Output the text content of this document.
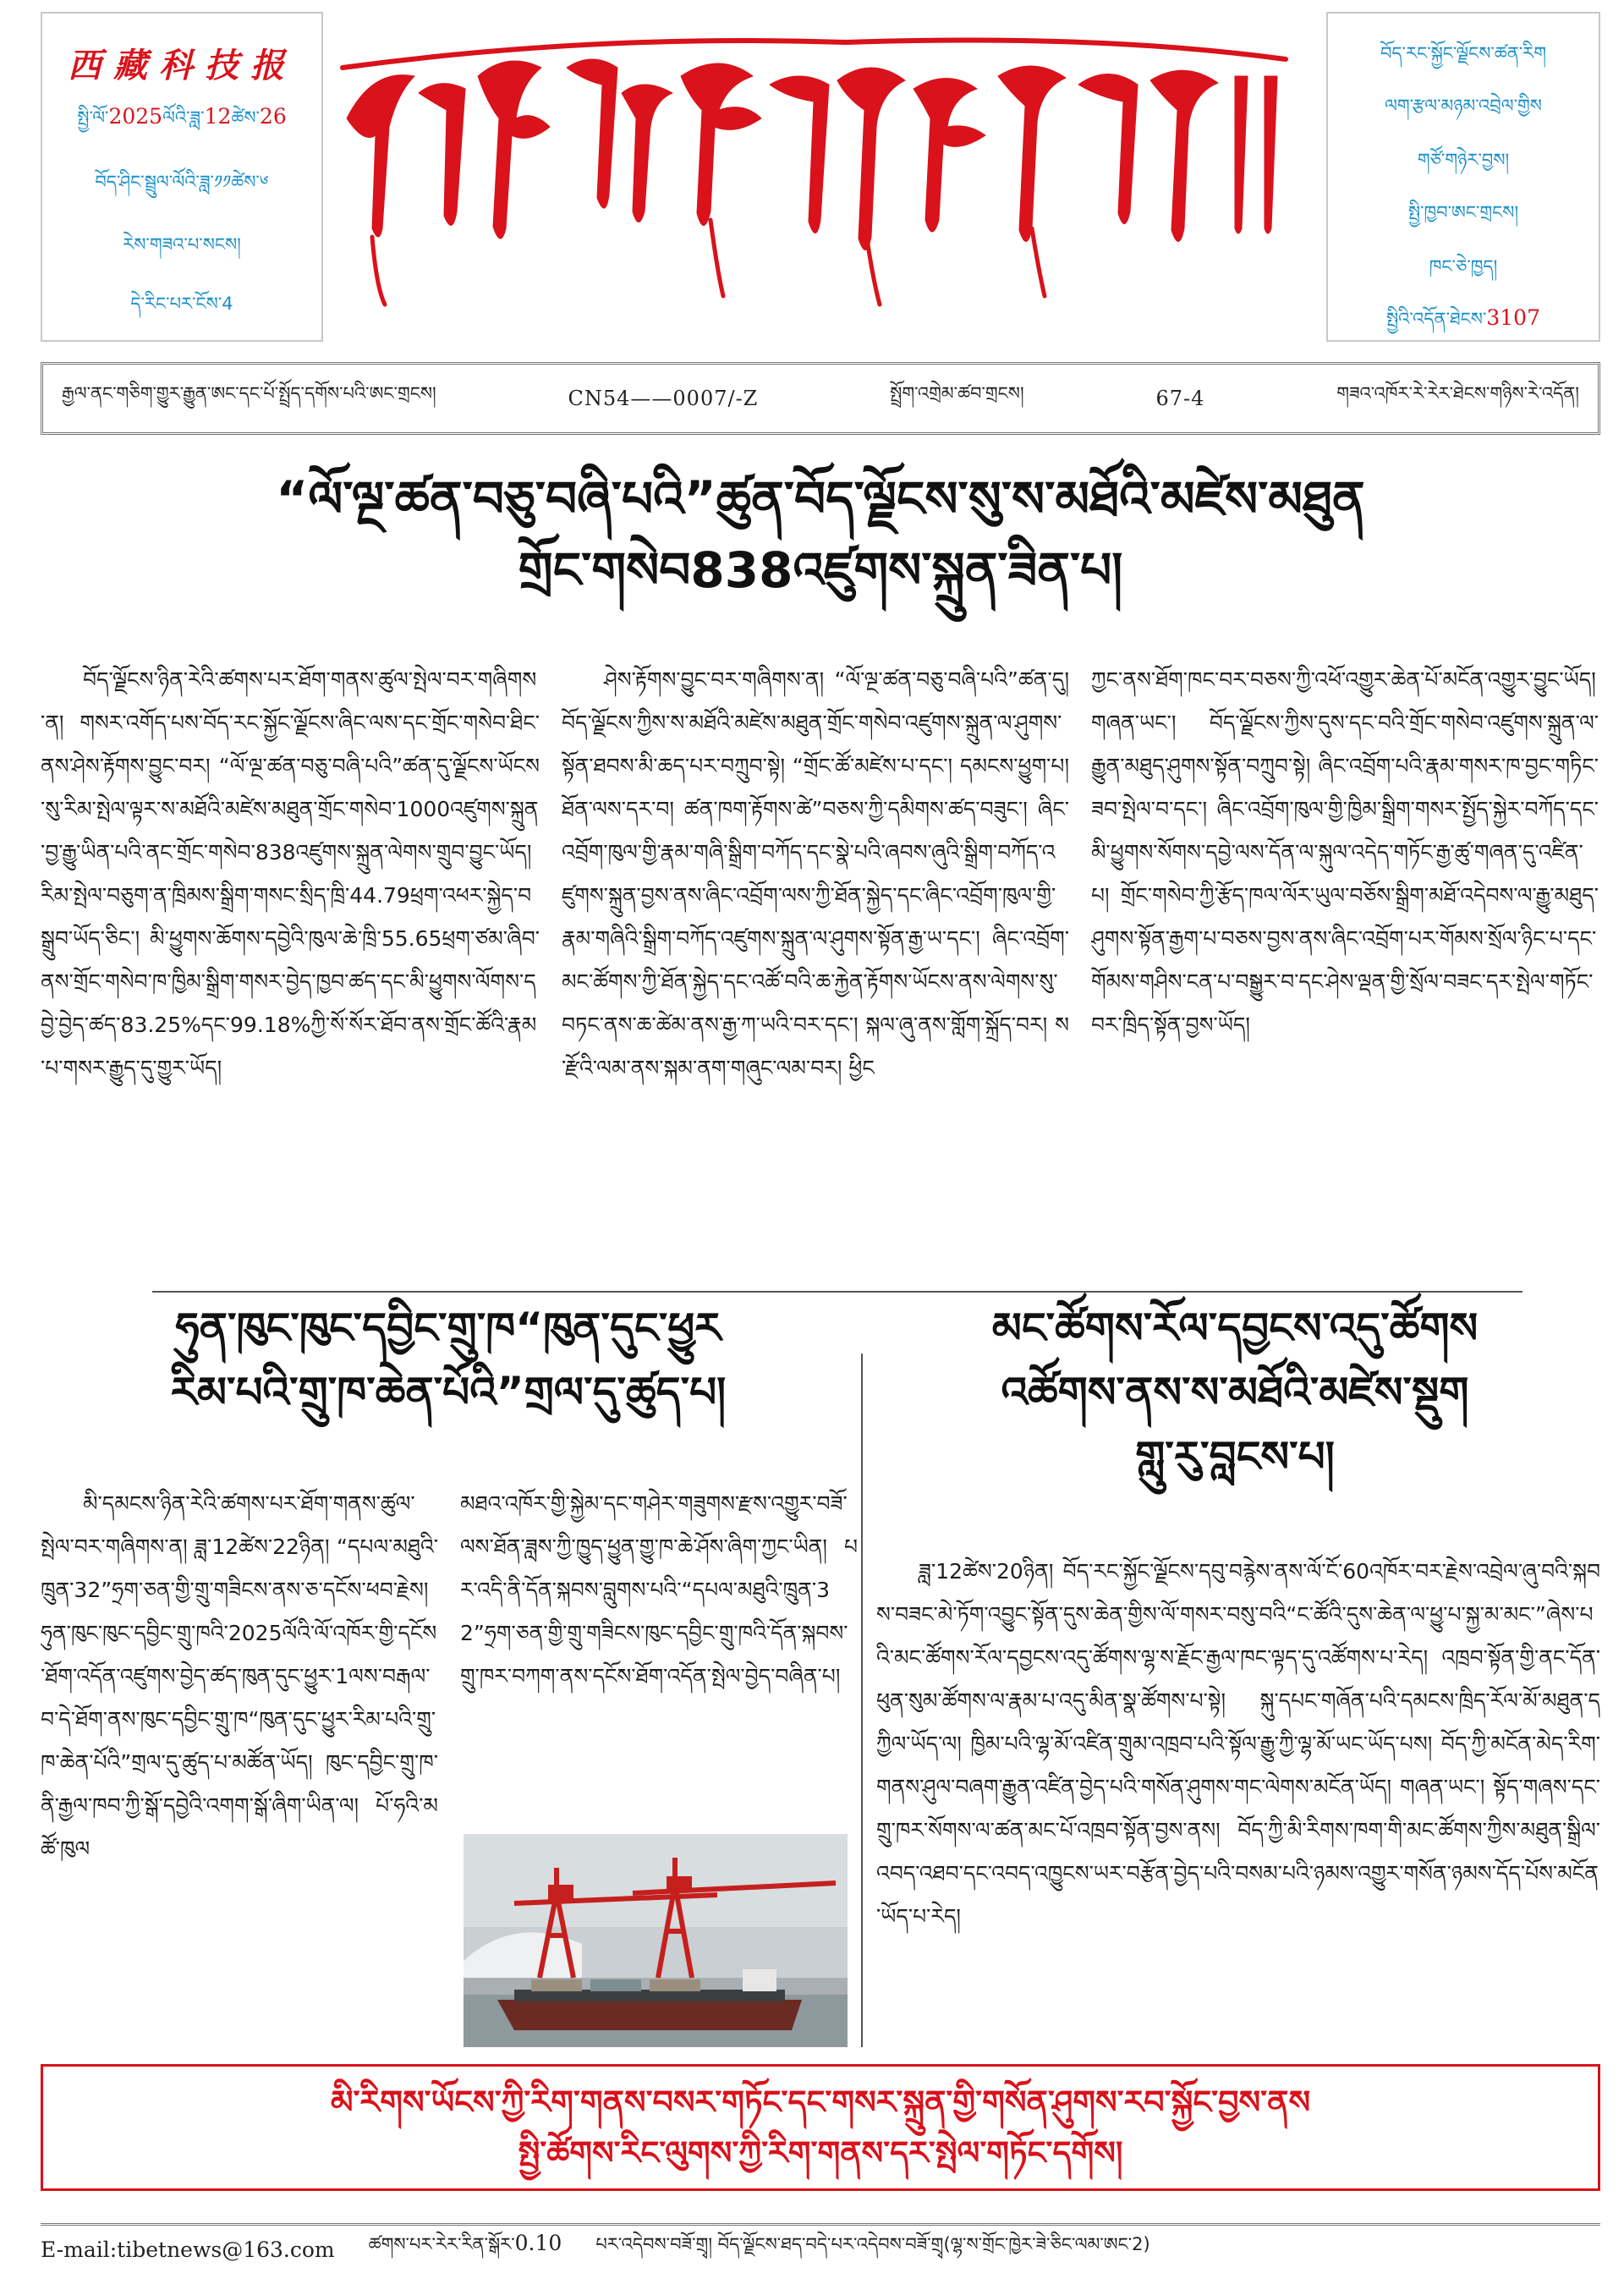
西藏科技报
སྤྱི་ལོ་2025ལོའི་ཟླ་12ཚེས་26
བོད་ཤིང་སྦྲུལ་ལོའི་ཟླ་༡༡ཚེས་༦
རེས་གཟའ་པ་སངས།
དེ་རིང་པར་ངོས་4
བོད་རང་སྐྱོང་ལྗོངས་ཚན་རིག
ལག་རྩལ་མཉམ་འབྲེལ་གྱིས
གཙོ་གཉེར་བྱས།
སྤྱི་ཁྱབ་ཨང་གྲངས།
ཁང་ཅེ་ཁྱད།
སྤྱིའི་འདོན་ཐེངས་3107
རྒྱལ་ནང་གཅིག་གྱུར་རྒྱུན་ཨང་དང་པོ་སྤྲོད་དགོས་པའི་ཨང་གྲངས།	CN54——0007/-Z	སྤྲོག་འགྲེམ་ཚབ་གྲངས།	67-4	གཟའ་འཁོར་རེ་རེར་ཐེངས་གཉིས་རེ་འདོན།
“ལོ་ལྔ་ཚན་བཅུ་བཞི་པའི”ཚུན་བོད་ལྗོངས་སུ་ས་མཐོའི་མཛེས་མཐུན
གྲོང་གསེབ838འཛུགས་སྐྲུན་ཟིན་པ།

བོད་ལྗོངས་ཉིན་རེའི་ཚགས་པར་ཐོག་གནས་ཚུལ་སྤེལ་བར་གཞིགས་ན། གསར་འགོད་པས་བོད་རང་སྐྱོང་ལྗོངས་ཞིང་ལས་དང་གྲོང་གསེབ་ཐིང་ནས་ཤེས་རྟོགས་བྱུང་བར། “ལོ་ལྔ་ཚན་བཅུ་བཞི་པའི”ཚན་དུ་ལྗོངས་ཡོངས་སུ་རིམ་སྤེལ་ལྟར་ས་མཐོའི་མཛེས་མཐུན་གྲོང་གསེབ་1000འཛུགས་སྐྲུན་བྱ་རྒྱུ་ཡིན་པའི་ནང་གྲོང་གསེབ་838འཛུགས་སྐྲུན་ལེགས་གྲུབ་བྱུང་ཡོད། རིམ་སྤེལ་བཅུག་ན་ཁྲིམས་སྒྲིག་གསང་སྲིད་ཁྲི་44.79ཕྲག་འཕར་སྐྱེད་བསྒྲུབ་ཡོད་ཅིང་། མི་ཕྱུགས་ཆོགས་དབྱེའི་ཁུལ་ཆེ་ཁྲི་55.65ཕྲག་ཙམ་ཞིབ་ནས་གྲོང་གསེབ་ཁ་ཁྱིམ་སྒྲིག་གསར་བྱེད་ཁྱབ་ཚད་དང་མི་ཕྱུགས་ལོགས་དབྱེ་བྱེད་ཚད་83.25%དང་99.18%ཀྱི་སོ་སོར་ཐོབ་ནས་གྲོང་ཚོའི་རྣམ་པ་གསར་རྒྱུད་དུ་གྱུར་ཡོད།

ཤེས་རྟོགས་བྱུང་བར་གཞིགས་ན། “ལོ་ལྔ་ཚན་བཅུ་བཞི་པའི”ཚན་དུ། བོད་ལྗོངས་ཀྱིས་ས་མཐོའི་མཛེས་མཐུན་གྲོང་གསེབ་འཛུགས་སྐྲུན་ལ་ཤུགས་སྟོན་ཐབས་མི་ཆད་པར་བཀྲུབ་སྟེ། “གྲོང་ཚོ་མཛེས་པ་དང་། དམངས་ཕྱུག་པ། ཐོན་ལས་དར་བ། ཚན་ཁག་རྟོགས་ཚེ”བཅས་ཀྱི་དམིགས་ཚད་བཟུང་། ཞིང་འབྲོག་ཁུལ་གྱི་རྣམ་གཞི་སྒྲིག་བཀོད་དང་སྣེ་པའི་ཞབས་ཞུའི་སྒྲིག་བཀོད་འཛུགས་སྐྲུན་བྱས་ནས་ཞིང་འབྲོག་ལས་ཀྱི་ཐོན་སྐྱེད་དང་ཞིང་འབྲོག་ཁུལ་གྱི་རྣམ་གཞིའི་སྒྲིག་བཀོད་འཛུགས་སྐྲུན་ལ་ཤུགས་སྟོན་རྒྱ་ཡ་དང་། ཞིང་འབྲོག་མང་ཚོགས་ཀྱི་ཐོན་སྐྱེད་དང་འཚོ་བའི་ཆ་རྐྱེན་རྟོགས་ཡོངས་ནས་ལེགས་སུ་བཏང་ནས་ཆ་ཚེམ་ནས་རྒྱ་ཀ་ཡའི་བར་དང་། སྐལ་ཞུ་ནས་གློག་སྐྲོད་བར། ས་རྫོའི་ལམ་ནས་སྐམ་ནག་གཞུང་ལམ་བར། ཕྱིང

ཀྱང་ནས་ཐོག་ཁང་བར་བཅས་ཀྱི་འཕོ་འགྱུར་ཆེན་པོ་མངོན་འགྱུར་བྱུང་ཡོད། གཞན་ཡང་། བོད་ལྗོངས་ཀྱིས་དུས་དང་བའི་གྲོང་གསེབ་འཛུགས་སྐྲུན་ལ་རྒྱུན་མཐུད་ཤུགས་སྟོན་བཀྲུབ་སྟེ། ཞིང་འབྲོག་པའི་རྣམ་གསར་ཁ་བྱང་གཏིང་ཟབ་སྤེལ་བ་དང་། ཞིང་འབྲོག་ཁུལ་གྱི་ཁྱིམ་སྒྲིག་གསར་སྤྱོད་སྐྱེར་བཀོད་དང་མི་ཕྱུགས་སོགས་དབྱེ་ལས་དོན་ལ་སྐུལ་འདེད་གཏོང་རྒྱ་ཚུ་གཞན་དུ་འཛིན་པ། གྲོང་གསེབ་ཀྱི་རྩོད་ཁལ་ལོར་ཡུལ་བཅོས་སྒྲིག་མཐོ་འདེབས་ལ་རྒྱུ་མཐུད་ཤུགས་སྟོན་རྒྱག་པ་བཅས་བྱས་ནས་ཞིང་འབྲོག་པར་གོམས་སྲོལ་ཉིང་པ་དང་གོམས་གཤིས་ངན་པ་བསྒྱུར་བ་དང་ཤེས་ལྡན་གྱི་སྲོལ་བཟང་དར་སྤེལ་གཏོང་བར་ཁྲིད་སྟོན་བྱས་ཡོད།

ཧུན་ཁུང་ཁུང་དབྱིང་གྲུ་ཁ“ཁུན་དུང་ཕྱུར
རིམ་པའི་གྲུ་ཁ་ཆེན་པོའི”གྲལ་དུ་ཚུད་པ།

མི་དམངས་ཉིན་རེའི་ཚགས་པར་ཐོག་གནས་ཚུལ་སྤེལ་བར་གཞིགས་ན། ཟླ་12ཚེས་22ཉིན། “དཔལ་མཐུའི་ཁྲུན་32”ཧྲག་ཅན་གྱི་གྲུ་གཟིངས་ནས་ཅ་དངོས་ཕབ་རྗེས། ཧུན་ཁུང་ཁུང་དབྱིང་གྲུ་ཁའི་2025ལོའི་ལོ་འཁོར་གྱི་དངོས་ཐོག་འདོན་འཛུགས་བྱེད་ཚད་ཁུན་དུང་ཕྱུར་1ལས་བརྒལ་བ་དེ་ཐོག་ནས་ཁུང་དབྱིང་གྲུ་ཁ“ཁུན་དུང་ཕྱུར་རིམ་པའི་གྲུ་ཁ་ཆེན་པོའི”གྲལ་དུ་ཚུད་པ་མཚོན་ཡོད། ཁུང་དབྱིང་གྲུ་ཁ་ནི་རྒྱལ་ཁབ་ཀྱི་སྒོ་དབྱེའི་འགག་སྒོ་ཞིག་ཡིན་ལ། པོ་ཧའི་མཚོ་ཁུལ

མཐའ་འཁོར་གྱི་སྐྱེམ་དང་གཤེར་གཟུགས་རྫས་འགྱུར་བཟོ་ལས་ཐོན་ཟླས་ཀྱི་ཁྱུད་ཕྱུན་གྱུ་ཁ་ཆེ་ཤོས་ཞིག་ཀྱང་ཡིན། པར་འདི་ནི་དོན་སྐབས་བླུགས་པའི་“དཔལ་མཐུའི་ཁྲུན་32”ཧྲག་ཅན་གྱི་གྲུ་གཟིངས་ཁུང་དབྱིང་གྲུ་ཁའི་དོན་སྐབས་གྲུ་ཁར་བཀག་ནས་དངོས་ཐོག་འདོན་སྤེལ་བྱེད་བཞིན་པ།

མང་ཚོགས་རོལ་དབྱངས་འདུ་ཚོགས
འཚོགས་ནས་ས་མཐོའི་མཛེས་སྡུག
གླུ་རུ་བླངས་པ།

ཟླ་12ཚེས་20ཉིན། བོད་རང་སྐྱོང་ལྗོངས་དབུ་བརྙེས་ནས་ལོ་ངོ་60འཁོར་བར་རྗེས་འབྲེལ་ཞུ་བའི་སྐབས་བཟང་མེ་ཏོག་འབྱུང་སྟོན་དུས་ཆེན་གྱིས་ལོ་གསར་བསུ་བའི“ང་ཚོའི་དུས་ཆེན་ལ་ཕྱུ་པ་སྐྱ་མ་མང་”ཞེས་པའི་མང་ཚོགས་རོལ་དབྱངས་འདུ་ཚོགས་ལྷ་ས་རྗོང་རྒྱལ་ཁང་ལྟད་དུ་འཚོགས་པ་རེད། འཁྲབ་སྟོན་གྱི་ནང་དོན་ཕུན་སུམ་ཚོགས་ལ་རྣམ་པ་འདུ་མིན་སྣ་ཚོགས་པ་སྟེ། སྐུ་དཔང་གཞོན་པའི་དམངས་ཁྲིད་རོལ་མོ་མཐུན་དཀྱིལ་ཡོད་ལ། ཁྱིམ་པའི་ལྷ་མོ་འཛིན་གྲུམ་འཁྲབ་པའི་སྟོལ་རྒྱུ་ཀྱི་ལྷ་མོ་ཡང་ཡོད་པས། བོད་ཀྱི་མངོན་མེད་རིག་གནས་ཤུལ་བཞག་རྒྱུན་འཛིན་བྱེད་པའི་གསོན་ཤུགས་གང་ལེགས་མངོན་ཡོད། གཞན་ཡང་། སྟོད་གཞས་དང་གྲུ་ཁར་སོགས་ལ་ཚན་མང་པོ་འཁྲབ་སྟོན་བྱས་ནས། བོད་ཀྱི་མི་རིགས་ཁག་གི་མང་ཚོགས་ཀྱིས་མཐུན་སྒྲིལ་འབད་འཐབ་དང་འབད་འཁྱུངས་ཡར་བརྩོན་བྱེད་པའི་བསམ་པའི་ཉམས་འགྱུར་གསོན་ཉམས་དོད་པོས་མངོན་ཡོད་པ་རེད།

མི་རིགས་ཡོངས་ཀྱི་རིག་གནས་བསར་གཏོང་དང་གསར་སྐྲུན་གྱི་གསོན་ཤུགས་རབ་སྐྱོང་བྱས་ནས
སྤྱི་ཚོགས་རིང་ལུགས་ཀྱི་རིག་གནས་དར་སྤེལ་གཏོང་དགོས།
E-mail:tibetnews@163.com ཚགས་པར་རེར་རིན་སྒོར་0.10 པར་འདེབས་བཟོ་གྲྭ། བོད་ལྗོངས་ཐད་བདེ་པར་འདེབས་བཟོ་གྲྭ(ལྷ་ས་གྲོང་ཁྱེར་ཟེ་ཅིང་ལམ་ཨང་2)
